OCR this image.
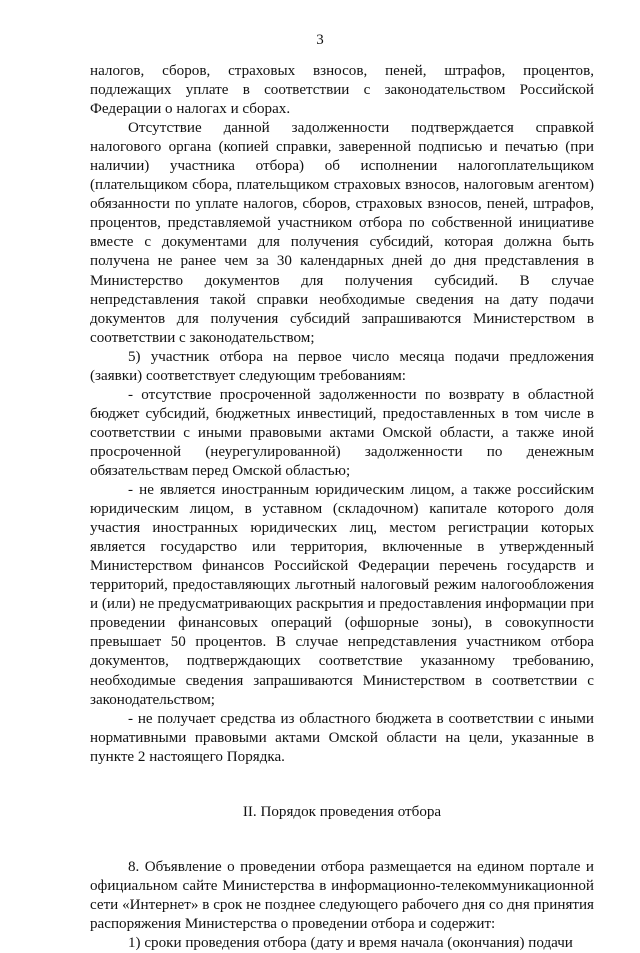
3

налогов, сборов, страховых взносов, пеней, штрафов, процентов, подлежащих уплате в соответствии с законодательством Российской Федерации о налогах и сборах.

Отсутствие данной задолженности подтверждается справкой налогового органа (копией справки, заверенной подписью и печатью (при наличии) участника отбора) об исполнении налогоплательщиком (плательщиком сбора, плательщиком страховых взносов, налоговым агентом) обязанности по уплате налогов, сборов, страховых взносов, пеней, штрафов, процентов, представляемой участником отбора по собственной инициативе вместе с документами для получения субсидий, которая должна быть получена не ранее чем за 30 календарных дней до дня представления в Министерство документов для получения субсидий. В случае непредставления такой справки необходимые сведения на дату подачи документов для получения субсидий запрашиваются Министерством в соответствии с законодательством;

5) участник отбора на первое число месяца подачи предложения (заявки) соответствует следующим требованиям:

- отсутствие просроченной задолженности по возврату в областной бюджет субсидий, бюджетных инвестиций, предоставленных в том числе в соответствии с иными правовыми актами Омской области, а также иной просроченной (неурегулированной) задолженности по денежным обязательствам перед Омской областью;

- не является иностранным юридическим лицом, а также российским юридическим лицом, в уставном (складочном) капитале которого доля участия иностранных юридических лиц, местом регистрации которых является государство или территория, включенные в утвержденный Министерством финансов Российской Федерации перечень государств и территорий, предоставляющих льготный налоговый режим налогообложения и (или) не предусматривающих раскрытия и предоставления информации при проведении финансовых операций (офшорные зоны), в совокупности превышает 50 процентов. В случае непредставления участником отбора документов, подтверждающих соответствие указанному требованию, необходимые сведения запрашиваются Министерством в соответствии с законодательством;

- не получает средства из областного бюджета в соответствии с иными нормативными правовыми актами Омской области на цели, указанные в пункте 2 настоящего Порядка.

II. Порядок проведения отбора

8. Объявление о проведении отбора размещается на едином портале и официальном сайте Министерства в информационно-телекоммуникационной сети «Интернет» в срок не позднее следующего рабочего дня со дня принятия распоряжения Министерства о проведении отбора и содержит:

1) сроки проведения отбора (дату и время начала (окончания) подачи
